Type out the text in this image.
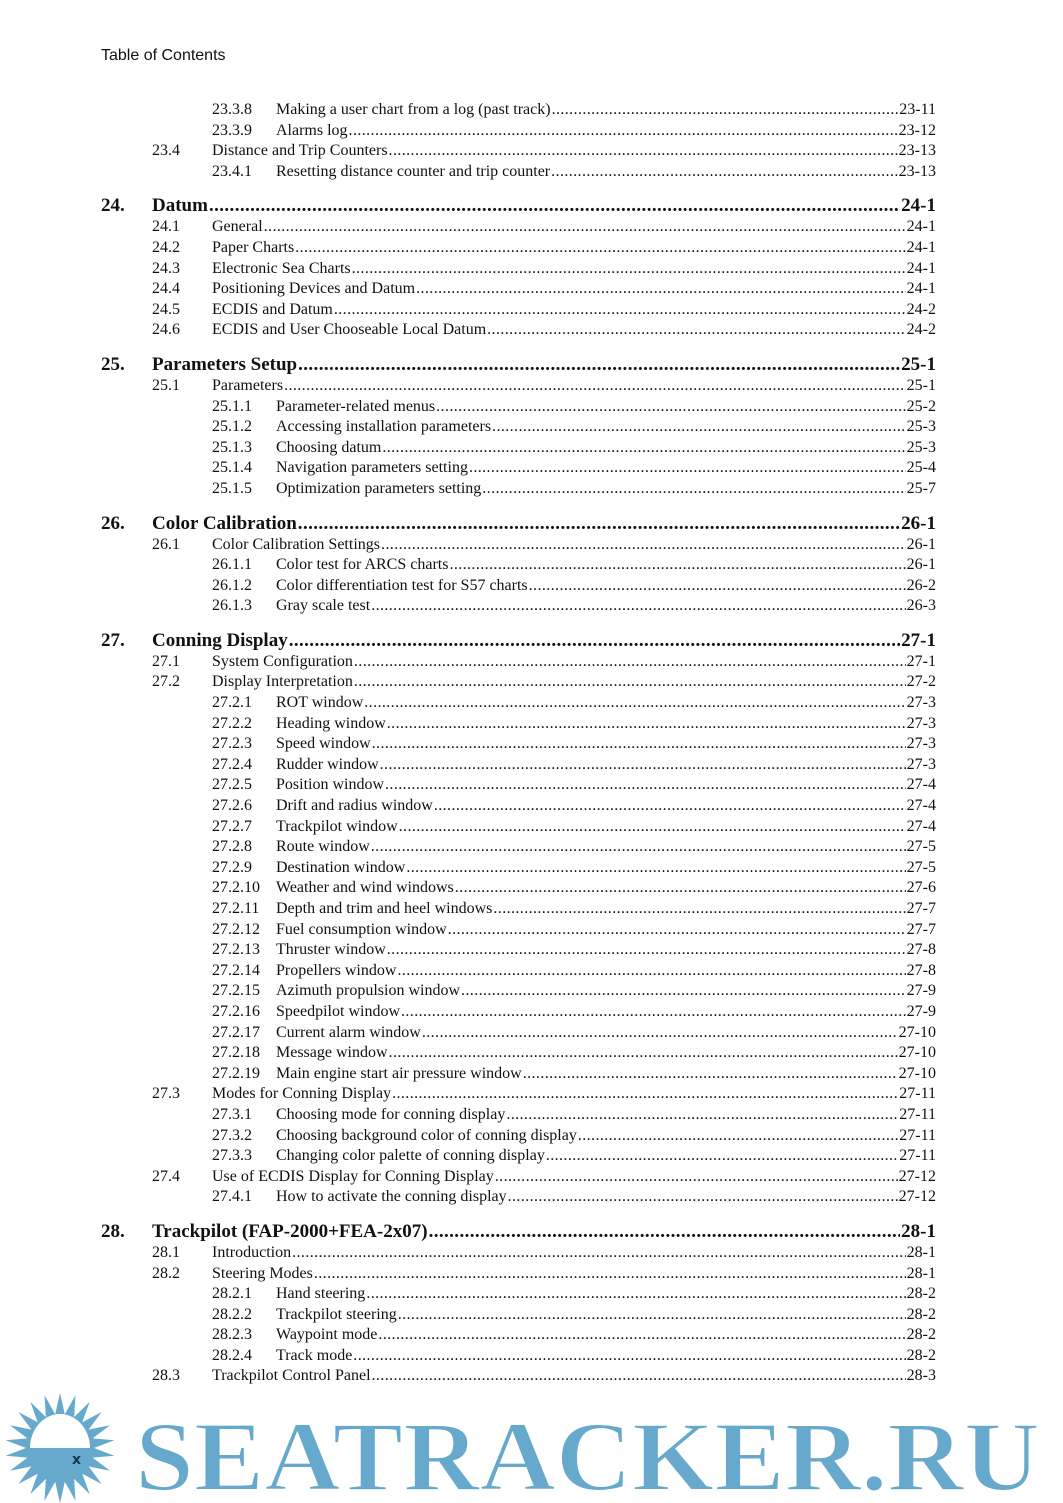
Table of Contents
23.3.8	Making a user chart from a log (past track) .....	23-11
23.3.9	Alarms log .....	23-12
23.4	Distance and Trip Counters .....	23-13
23.4.1	Resetting distance counter and trip counter .....	23-13
24.	Datum .....	24-1
24.1	General .....	24-1
24.2	Paper Charts .....	24-1
24.3	Electronic Sea Charts .....	24-1
24.4	Positioning Devices and Datum .....	24-1
24.5	ECDIS and Datum .....	24-2
24.6	ECDIS and User Chooseable Local Datum .....	24-2
25.	Parameters Setup .....	25-1
25.1	Parameters .....	25-1
25.1.1	Parameter-related menus .....	25-2
25.1.2	Accessing installation parameters .....	25-3
25.1.3	Choosing datum .....	25-3
25.1.4	Navigation parameters setting .....	25-4
25.1.5	Optimization parameters setting .....	25-7
26.	Color Calibration .....	26-1
26.1	Color Calibration Settings .....	26-1
26.1.1	Color test for ARCS charts .....	26-1
26.1.2	Color differentiation test for S57 charts .....	26-2
26.1.3	Gray scale test .....	26-3
27.	Conning Display .....	27-1
27.1	System Configuration .....	27-1
27.2	Display Interpretation .....	27-2
27.2.1	ROT window .....	27-3
27.2.2	Heading window .....	27-3
27.2.3	Speed window .....	27-3
27.2.4	Rudder window .....	27-3
27.2.5	Position window .....	27-4
27.2.6	Drift and radius window .....	27-4
27.2.7	Trackpilot window .....	27-4
27.2.8	Route window .....	27-5
27.2.9	Destination window .....	27-5
27.2.10	Weather and wind windows .....	27-6
27.2.11	Depth and trim and heel windows .....	27-7
27.2.12	Fuel consumption window .....	27-7
27.2.13	Thruster window .....	27-8
27.2.14	Propellers window .....	27-8
27.2.15	Azimuth propulsion window .....	27-9
27.2.16	Speedpilot window .....	27-9
27.2.17	Current alarm window .....	27-10
27.2.18	Message window .....	27-10
27.2.19	Main engine start air pressure window .....	27-10
27.3	Modes for Conning Display .....	27-11
27.3.1	Choosing mode for conning display .....	27-11
27.3.2	Choosing background color of conning display .....	27-11
27.3.3	Changing color palette of conning display .....	27-11
27.4	Use of ECDIS Display for Conning Display .....	27-12
27.4.1	How to activate the conning display .....	27-12
28.	Trackpilot (FAP-2000+FEA-2x07) .....	28-1
28.1	Introduction .....	28-1
28.2	Steering Modes .....	28-1
28.2.1	Hand steering .....	28-2
28.2.2	Trackpilot steering .....	28-2
28.2.3	Waypoint mode .....	28-2
28.2.4	Track mode .....	28-2
28.3	Trackpilot Control Panel .....	28-3
x SEATRACKER.RU
